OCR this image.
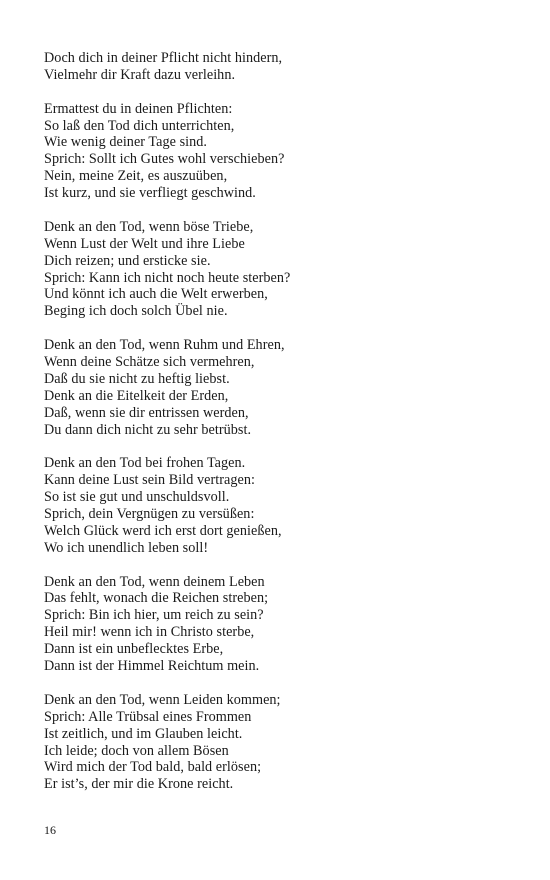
Doch dich in deiner Pflicht nicht hindern,
Vielmehr dir Kraft dazu verleihn.
Ermattest du in deinen Pflichten:
So laß den Tod dich unterrichten,
Wie wenig deiner Tage sind.
Sprich: Sollt ich Gutes wohl verschieben?
Nein, meine Zeit, es auszuüben,
Ist kurz, und sie verfliegt geschwind.
Denk an den Tod, wenn böse Triebe,
Wenn Lust der Welt und ihre Liebe
Dich reizen; und ersticke sie.
Sprich: Kann ich nicht noch heute sterben?
Und könnt ich auch die Welt erwerben,
Beging ich doch solch Übel nie.
Denk an den Tod, wenn Ruhm und Ehren,
Wenn deine Schätze sich vermehren,
Daß du sie nicht zu heftig liebst.
Denk an die Eitelkeit der Erden,
Daß, wenn sie dir entrissen werden,
Du dann dich nicht zu sehr betrübst.
Denk an den Tod bei frohen Tagen.
Kann deine Lust sein Bild vertragen:
So ist sie gut und unschuldsvoll.
Sprich, dein Vergnügen zu versüßen:
Welch Glück werd ich erst dort genießen,
Wo ich unendlich leben soll!
Denk an den Tod, wenn deinem Leben
Das fehlt, wonach die Reichen streben;
Sprich: Bin ich hier, um reich zu sein?
Heil mir! wenn ich in Christo sterbe,
Dann ist ein unbeflecktes Erbe,
Dann ist der Himmel Reichtum mein.
Denk an den Tod, wenn Leiden kommen;
Sprich: Alle Trübsal eines Frommen
Ist zeitlich, und im Glauben leicht.
Ich leide; doch von allem Bösen
Wird mich der Tod bald, bald erlösen;
Er ist’s, der mir die Krone reicht.
16
